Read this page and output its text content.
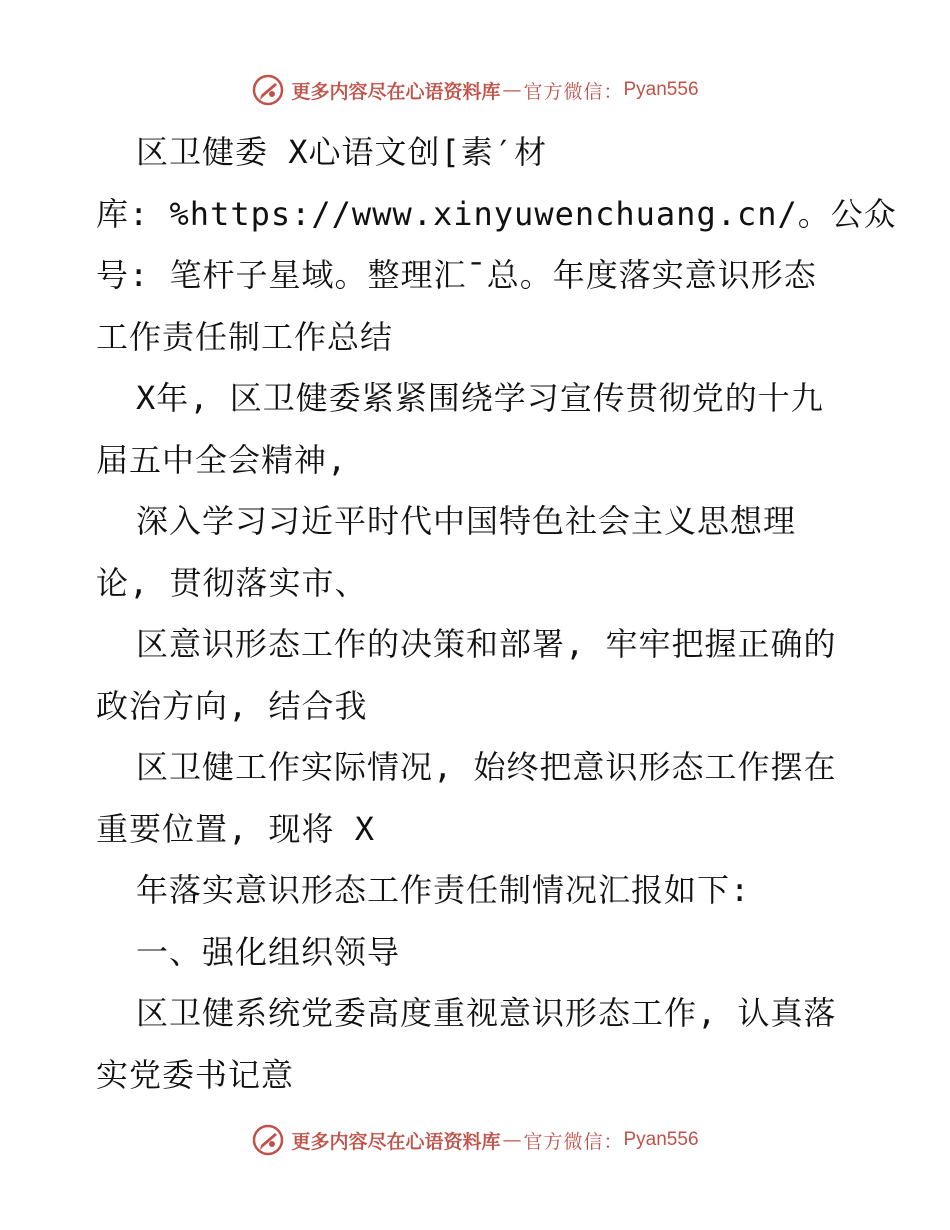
更多内容尽在心语资料库 — 官方微信： Pyan556
区卫健委 X心语文创[素′材
库: %https://www.xinyuwenchuang.cn/。公众
号: 笔杆子星域。整理汇¯总。年度落实意识形态
工作责任制工作总结
X年, 区卫健委紧紧围绕学习宣传贯彻党的十九
届五中全会精神,
深入学习习近平时代中国特色社会主义思想理
论, 贯彻落实市、
区意识形态工作的决策和部署, 牢牢把握正确的
政治方向, 结合我
区卫健工作实际情况, 始终把意识形态工作摆在
重要位置, 现将 X
年落实意识形态工作责任制情况汇报如下:
一、强化组织领导
区卫健系统党委高度重视意识形态工作, 认真落
实党委书记意
更多内容尽在心语资料库 — 官方微信： Pyan556
